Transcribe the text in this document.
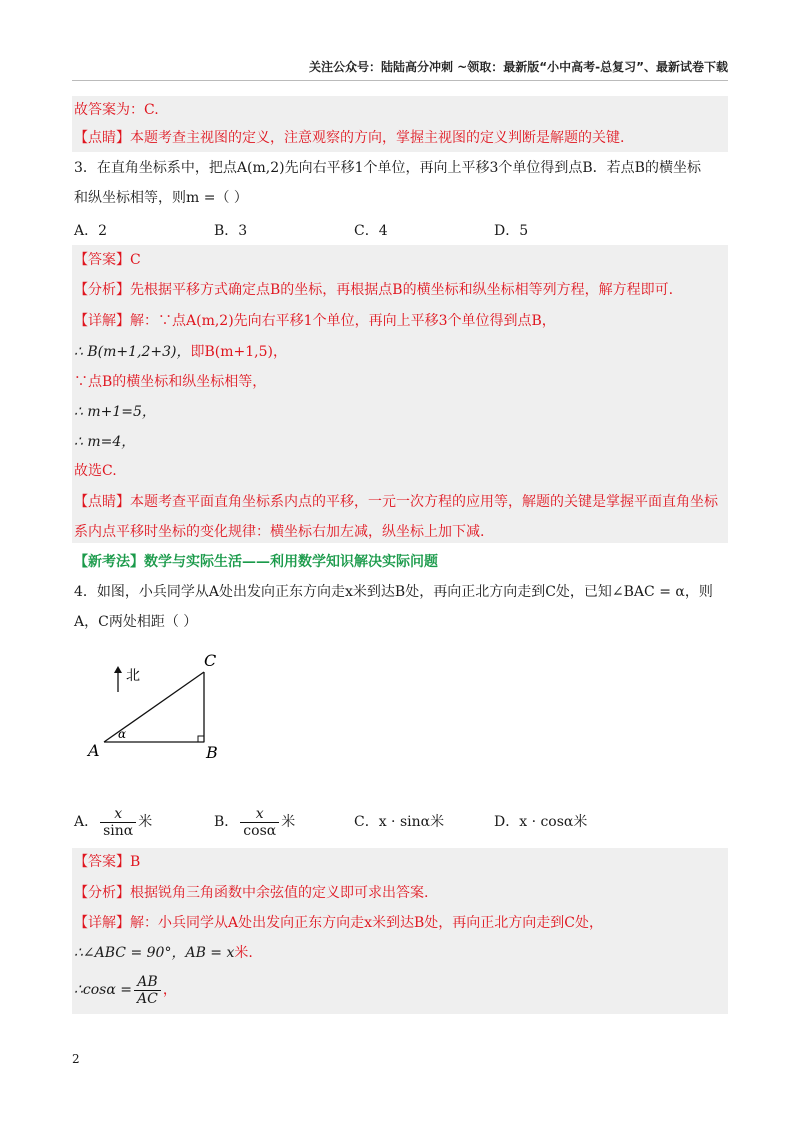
关注公众号：陆陆高分冲刺 ~领取：最新版“小中高考-总复习”、最新试卷下载
故答案为：C.
【点睛】本题考查主视图的定义，注意观察的方向，掌握主视图的定义判断是解题的关键.
3．在直角坐标系中，把点A(m,2)先向右平移1个单位，再向上平移3个单位得到点B．若点B的横坐标
和纵坐标相等，则m =（ ）
A．2	B．3	C．4	D．5
【答案】C
【分析】先根据平移方式确定点B的坐标，再根据点B的横坐标和纵坐标相等列方程，解方程即可.
【详解】解：∵点A(m,2)先向右平移1个单位，再向上平移3个单位得到点B，
∴ B(m+1,2+3)，即B(m+1,5)，
∵点B的横坐标和纵坐标相等，
∴ m+1=5，
∴ m=4，
故选C.
【点睛】本题考查平面直角坐标系内点的平移，一元一次方程的应用等，解题的关键是掌握平面直角坐标
系内点平移时坐标的变化规律：横坐标右加左减，纵坐标上加下减.
【新考法】数学与实际生活——利用数学知识解决实际问题
4．如图，小兵同学从A处出发向正东方向走x米到达B处，再向正北方向走到C处，已知∠BAC = α，则
A，C两处相距（ ）
北
A	B
C
α
A． $\frac{x}{\sin\alpha}$ 米	B． $\frac{x}{\cos\alpha}$ 米	C．x · sinα米	D．x · cosα米
【答案】B
【分析】根据锐角三角函数中余弦值的定义即可求出答案.
【详解】解：小兵同学从A处出发向正东方向走x米到达B处，再向正北方向走到C处，
∴∠ABC = 90°，AB = x米.
∴cosα = $\frac{AB}{AC}$ ，
2
